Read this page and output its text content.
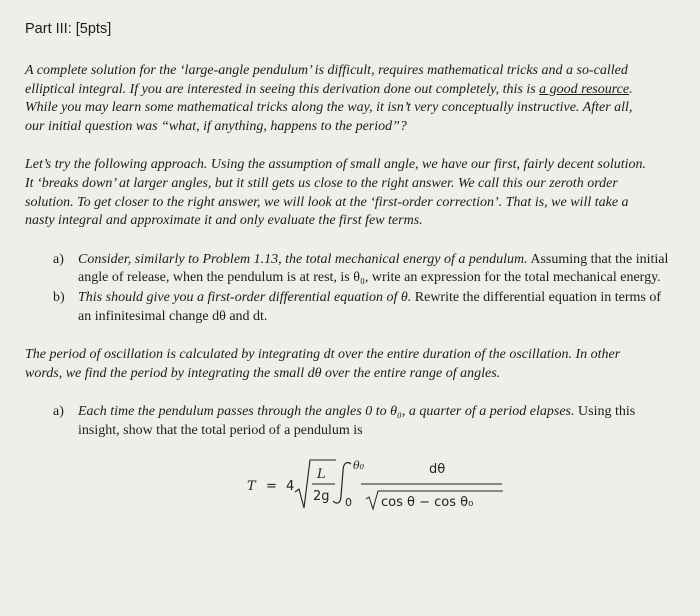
Part III: [5pts]

A complete solution for the ‘large-angle pendulum’ is difficult, requires mathematical tricks and a so-called elliptical integral. If you are interested in seeing this derivation done out completely, this is a good resource. While you may learn some mathematical tricks along the way, it isn’t very conceptually instructive. After all, our initial question was “what, if anything, happens to the period”?

Let’s try the following approach. Using the assumption of small angle, we have our first, fairly decent solution. It ‘breaks down’ at larger angles, but it still gets us close to the right answer. We call this our zeroth order solution. To get closer to the right answer, we will look at the ‘first-order correction’. That is, we will take a nasty integral and approximate it and only evaluate the first few terms.

a) Consider, similarly to Problem 1.13, the total mechanical energy of a pendulum. Assuming that the initial angle of release, when the pendulum is at rest, is θ₀, write an expression for the total mechanical energy.
b) This should give you a first-order differential equation of θ. Rewrite the differential equation in terms of an infinitesimal change dθ and dt.

The period of oscillation is calculated by integrating dt over the entire duration of the oscillation. In other words, we find the period by integrating the small dθ over the entire range of angles.

a) Each time the pendulum passes through the angles 0 to θ₀, a quarter of a period elapses. Using this insight, show that the total period of a pendulum is
T = 4
L
2g
θ₀
0
dθ
cos θ − cos θ₀
